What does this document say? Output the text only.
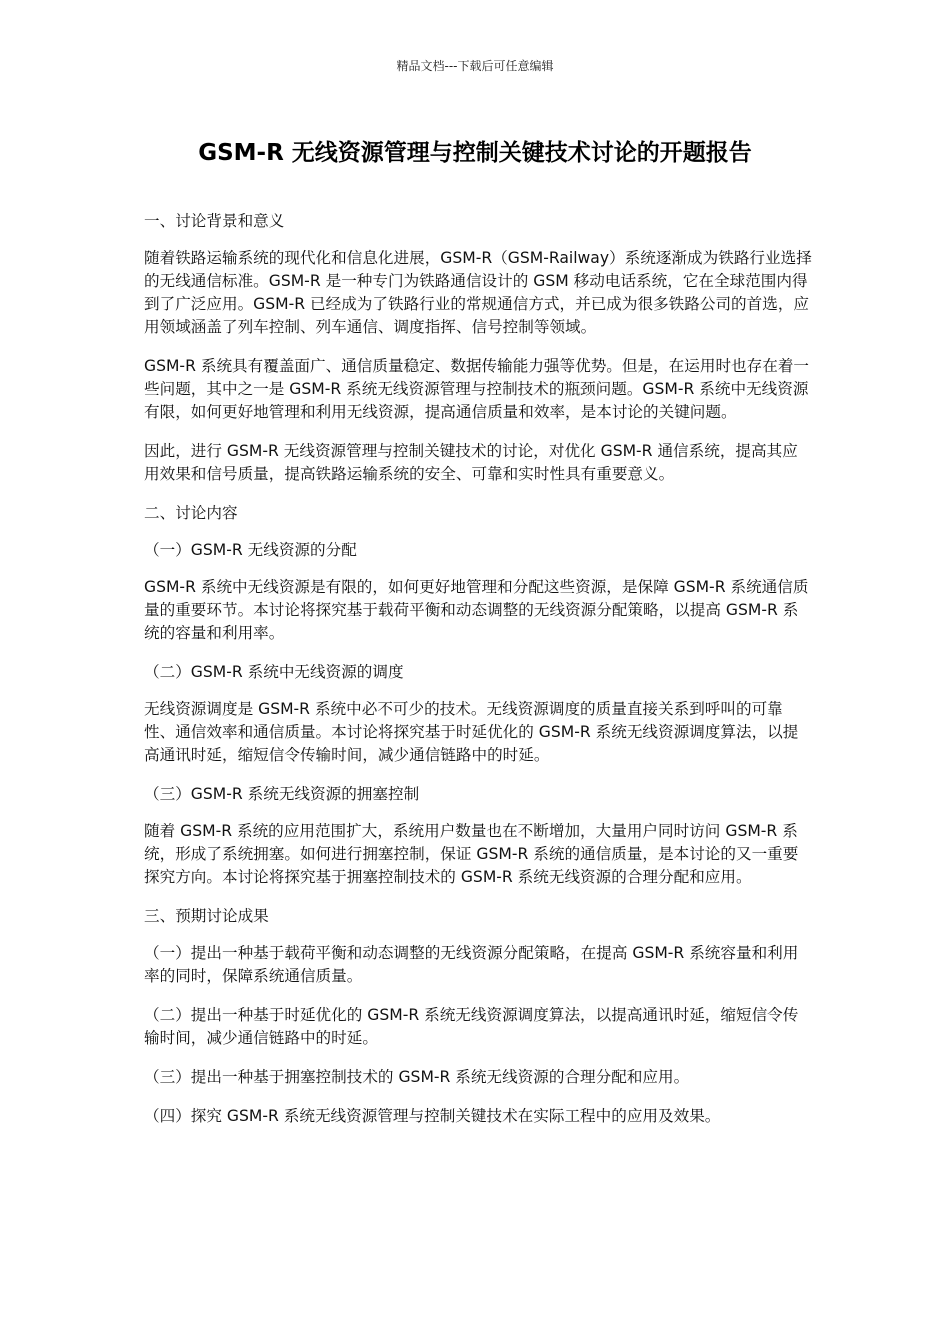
精品文档---下载后可任意编辑
GSM-R 无线资源管理与控制关键技术讨论的开题报告

一、讨论背景和意义

随着铁路运输系统的现代化和信息化进展，GSM-R（GSM-Railway）系统逐渐成为铁路行业选择的无线通信标准。GSM-R 是一种专门为铁路通信设计的 GSM 移动电话系统，它在全球范围内得到了广泛应用。GSM-R 已经成为了铁路行业的常规通信方式，并已成为很多铁路公司的首选，应用领域涵盖了列车控制、列车通信、调度指挥、信号控制等领域。

GSM-R 系统具有覆盖面广、通信质量稳定、数据传输能力强等优势。但是，在运用时也存在着一些问题，其中之一是 GSM-R 系统无线资源管理与控制技术的瓶颈问题。GSM-R 系统中无线资源有限，如何更好地管理和利用无线资源，提高通信质量和效率，是本讨论的关键问题。

因此，进行 GSM-R 无线资源管理与控制关键技术的讨论，对优化 GSM-R 通信系统，提高其应用效果和信号质量，提高铁路运输系统的安全、可靠和实时性具有重要意义。

二、讨论内容

（一）GSM-R 无线资源的分配

GSM-R 系统中无线资源是有限的，如何更好地管理和分配这些资源，是保障 GSM-R 系统通信质量的重要环节。本讨论将探究基于载荷平衡和动态调整的无线资源分配策略，以提高 GSM-R 系统的容量和利用率。

（二）GSM-R 系统中无线资源的调度

无线资源调度是 GSM-R 系统中必不可少的技术。无线资源调度的质量直接关系到呼叫的可靠性、通信效率和通信质量。本讨论将探究基于时延优化的 GSM-R 系统无线资源调度算法，以提高通讯时延，缩短信令传输时间，减少通信链路中的时延。

（三）GSM-R 系统无线资源的拥塞控制

随着 GSM-R 系统的应用范围扩大，系统用户数量也在不断增加，大量用户同时访问 GSM-R 系统，形成了系统拥塞。如何进行拥塞控制，保证 GSM-R 系统的通信质量，是本讨论的又一重要探究方向。本讨论将探究基于拥塞控制技术的 GSM-R 系统无线资源的合理分配和应用。

三、预期讨论成果

（一）提出一种基于载荷平衡和动态调整的无线资源分配策略，在提高 GSM-R 系统容量和利用率的同时，保障系统通信质量。

（二）提出一种基于时延优化的 GSM-R 系统无线资源调度算法，以提高通讯时延，缩短信令传输时间，减少通信链路中的时延。

（三）提出一种基于拥塞控制技术的 GSM-R 系统无线资源的合理分配和应用。

（四）探究 GSM-R 系统无线资源管理与控制关键技术在实际工程中的应用及效果。
